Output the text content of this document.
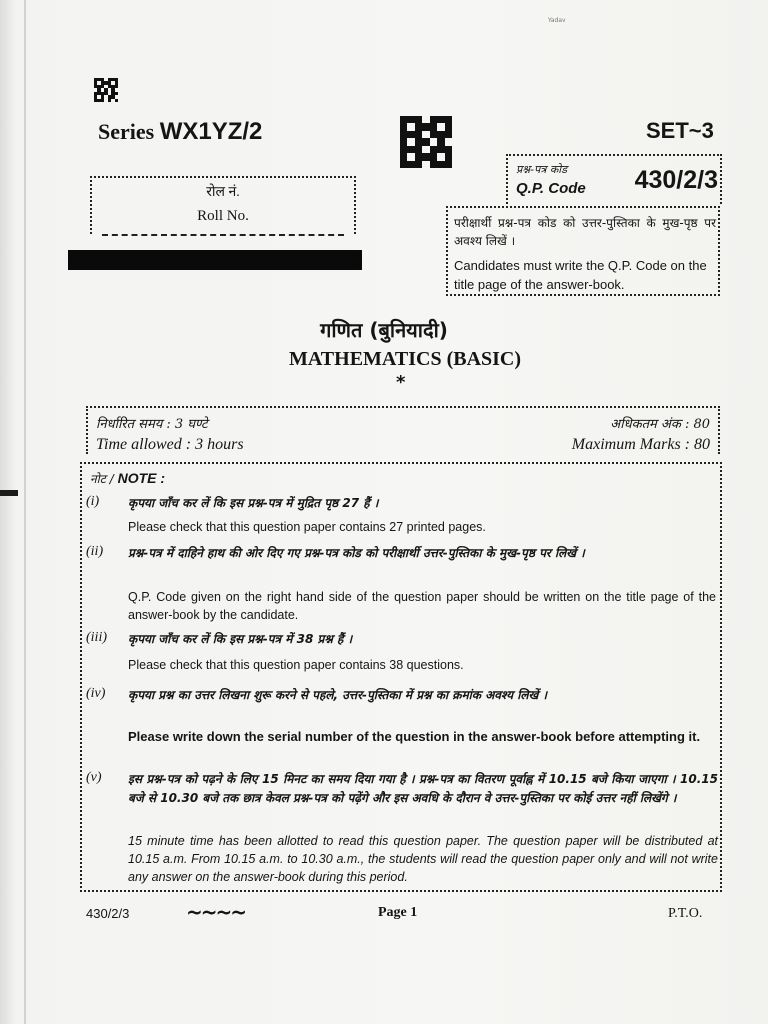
Yadav
Series WX1YZ/2	SET~3
रोल नं.
Roll No.
प्रश्न-पत्र कोड
Q.P. Code 430/2/3
परीक्षार्थी प्रश्न-पत्र कोड को उत्तर-पुस्तिका के मुख-पृष्ठ पर अवश्य लिखें ।
Candidates must write the Q.P. Code on the title page of the answer-book.
गणित (बुनियादी)
MATHEMATICS (BASIC)
*
निर्धारित समय : 3 घण्टे
Time allowed : 3 hours
अधिकतम अंक : 80
Maximum Marks : 80
नोट / NOTE :
(i) कृपया जाँच कर लें कि इस प्रश्न-पत्र में मुद्रित पृष्ठ 27 हैं ।
Please check that this question paper contains 27 printed pages.
(ii) प्रश्न-पत्र में दाहिने हाथ की ओर दिए गए प्रश्न-पत्र कोड को परीक्षार्थी उत्तर-पुस्तिका के मुख-पृष्ठ पर लिखें ।
Q.P. Code given on the right hand side of the question paper should be written on the title page of the answer-book by the candidate.
(iii) कृपया जाँच कर लें कि इस प्रश्न-पत्र में 38 प्रश्न हैं ।
Please check that this question paper contains 38 questions.
(iv) कृपया प्रश्न का उत्तर लिखना शुरू करने से पहले, उत्तर-पुस्तिका में प्रश्न का क्रमांक अवश्य लिखें ।
Please write down the serial number of the question in the answer-book before attempting it.
(v) इस प्रश्न-पत्र को पढ़ने के लिए 15 मिनट का समय दिया गया है । प्रश्न-पत्र का वितरण पूर्वाह्न में 10.15 बजे किया जाएगा । 10.15 बजे से 10.30 बजे तक छात्र केवल प्रश्न-पत्र को पढ़ेंगे और इस अवधि के दौरान वे उत्तर-पुस्तिका पर कोई उत्तर नहीं लिखेंगे ।
15 minute time has been allotted to read this question paper. The question paper will be distributed at 10.15 a.m. From 10.15 a.m. to 10.30 a.m., the students will read the question paper only and will not write any answer on the answer-book during this period.
430/2/3	~~~~	Page 1	P.T.O.
